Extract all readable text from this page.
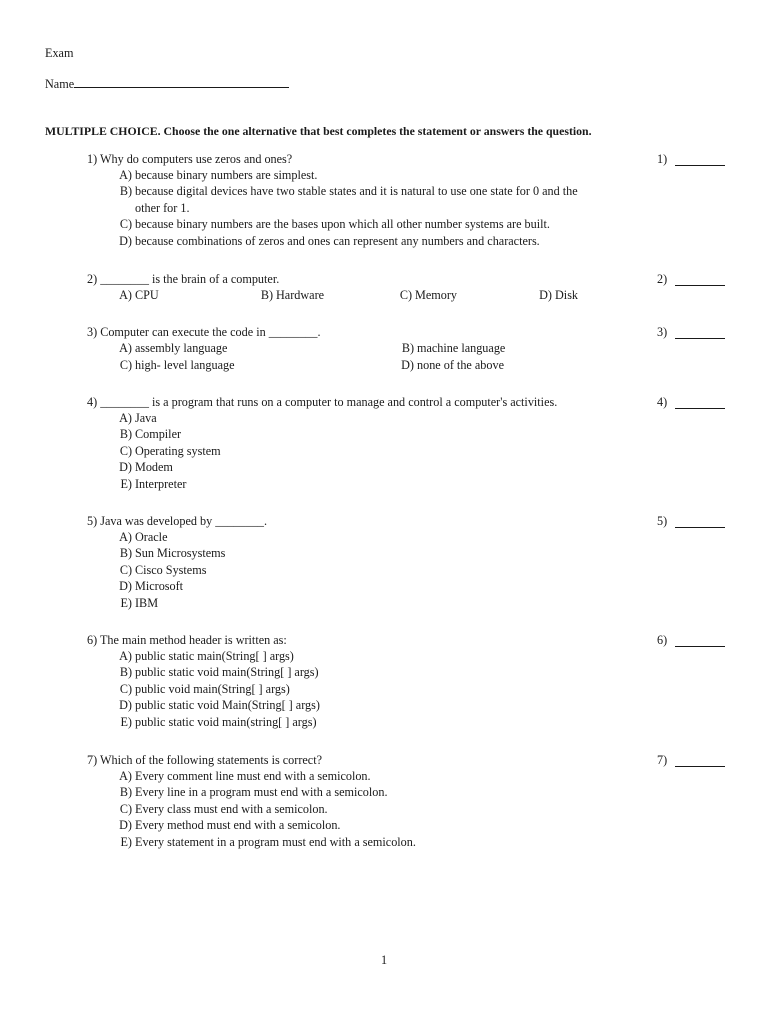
Exam
Name
MULTIPLE CHOICE. Choose the one alternative that best completes the statement or answers the question.
1) Why do computers use zeros and ones?	1)
A) because binary numbers are simplest.
B) because digital devices have two stable states and it is natural to use one state for 0 and the
other for 1.
C) because binary numbers are the bases upon which all other number systems are built.
D) because combinations of zeros and ones can represent any numbers and characters.
2) ________ is the brain of a computer.	2)
A) CPU	B) Hardware	C) Memory	D) Disk
3) Computer can execute the code in ________.	3)
A) assembly language	B) machine language
C) high- level language	D) none of the above
4) ________ is a program that runs on a computer to manage and control a computer's activities.	4)
A) Java
B) Compiler
C) Operating system
D) Modem
E) Interpreter
5) Java was developed by ________.	5)
A) Oracle
B) Sun Microsystems
C) Cisco Systems
D) Microsoft
E) IBM
6) The main method header is written as:	6)
A) public static main(String[ ] args)
B) public static void main(String[ ] args)
C) public void main(String[ ] args)
D) public static void Main(String[ ] args)
E) public static void main(string[ ] args)
7) Which of the following statements is correct?	7)
A) Every comment line must end with a semicolon.
B) Every line in a program must end with a semicolon.
C) Every class must end with a semicolon.
D) Every method must end with a semicolon.
E) Every statement in a program must end with a semicolon.
1
